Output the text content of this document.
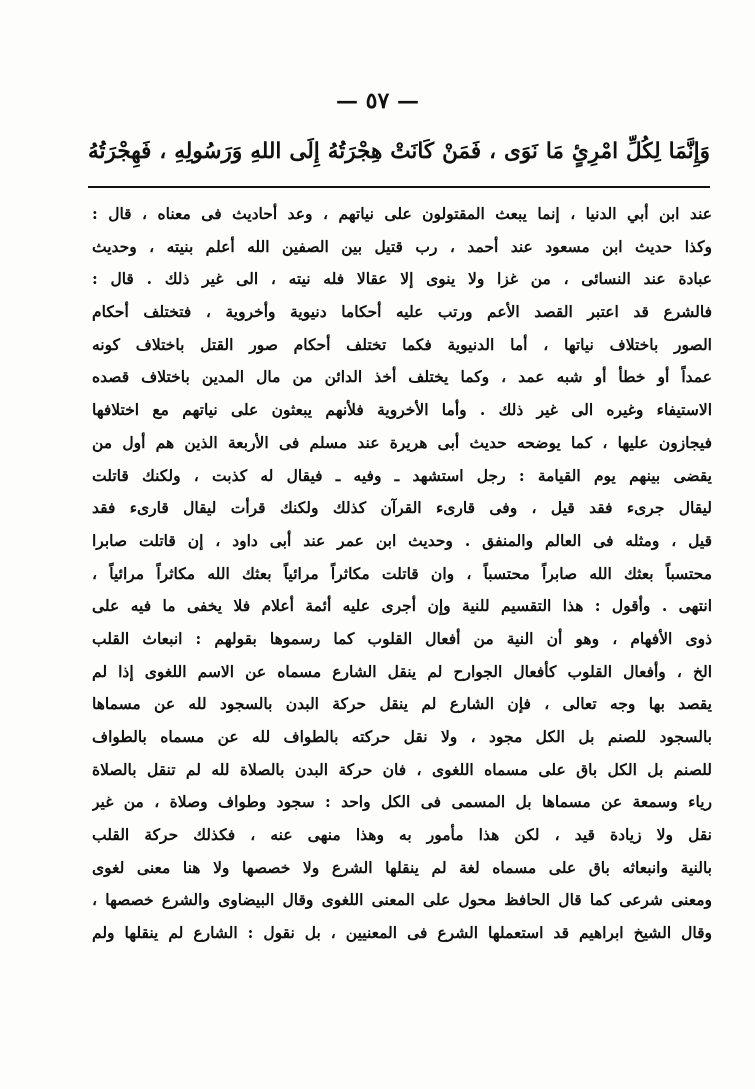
— ٥٧ —
وَإِنَّمَا لِكُلِّ امْرِئٍ مَا نَوَى ، فَمَنْ كَانَتْ هِجْرَتُهُ إِلَى اللهِ وَرَسُولِهِ ، فَهِجْرَتُهُ
عند ابن أبي الدنيا ، إنما يبعث المقتولون على نياتهم ، وعد أحاديث فى معناه ، قال :
وكذا حديث ابن مسعود عند أحمد ، رب قتيل بين الصفين الله أعلم بنيته ، وحديث
عبادة عند النسائى ، من غزا ولا ينوى إلا عقالا فله نيته ، الى غير ذلك . قال :
فالشرع قد اعتبر القصد الأعم ورتب عليه أحكاما دنيوية وأخروية ، فتختلف أحكام
الصور باختلاف نياتها ، أما الدنيوية فكما تختلف أحكام صور القتل باختلاف كونه
عمداً أو خطأ أو شبه عمد ، وكما يختلف أخذ الدائن من مال المدين باختلاف قصده
الاستيفاء وغيره الى غير ذلك . وأما الأخروية فلأنهم يبعثون على نياتهم مع اختلافها
فيجازون عليها ، كما يوضحه حديث أبى هريرة عند مسلم فى الأربعة الذين هم أول من
يقضى بينهم يوم القيامة : رجل استشهد ـ وفيه ـ فيقال له كذبت ، ولكنك قاتلت
ليقال جرىء فقد قيل ، وفى قارىء القرآن كذلك ولكنك قرأت ليقال قارىء فقد
قيل ، ومثله فى العالم والمنفق . وحديث ابن عمر عند أبى داود ، إن قاتلت صابرا
محتسباً بعثك الله صابراً محتسباً ، وان قاتلت مكاثراً مرائياً بعثك الله مكاثراً مرائياً ،
انتهى . وأقول : هذا التقسيم للنية وإن أجرى عليه أئمة أعلام فلا يخفى ما فيه على
ذوى الأفهام ، وهو أن النية من أفعال القلوب كما رسموها بقولهم : انبعاث القلب
الخ ، وأفعال القلوب كأفعال الجوارح لم ينقل الشارع مسماه عن الاسم اللغوى إذا لم
يقصد بها وجه تعالى ، فإن الشارع لم ينقل حركة البدن بالسجود لله عن مسماها
بالسجود للصنم بل الكل مجود ، ولا نقل حركته بالطواف لله عن مسماه بالطواف
للصنم بل الكل باق على مسماه اللغوى ، فان حركة البدن بالصلاة لله لم تنقل بالصلاة
رياء وسمعة عن مسماها بل المسمى فى الكل واحد : سجود وطواف وصلاة ، من غير
نقل ولا زيادة قيد ، لكن هذا مأمور به وهذا منهى عنه ، فكذلك حركة القلب
بالنية وانبعاثه باق على مسماه لغة لم ينقلها الشرع ولا خصصها ولا هنا معنى لغوى
ومعنى شرعى كما قال الحافظ محول على المعنى اللغوى وقال البيضاوى والشرع خصصها ،
وقال الشيخ ابراهيم قد استعملها الشرع فى المعنيين ، بل نقول : الشارع لم ينقلها ولم
